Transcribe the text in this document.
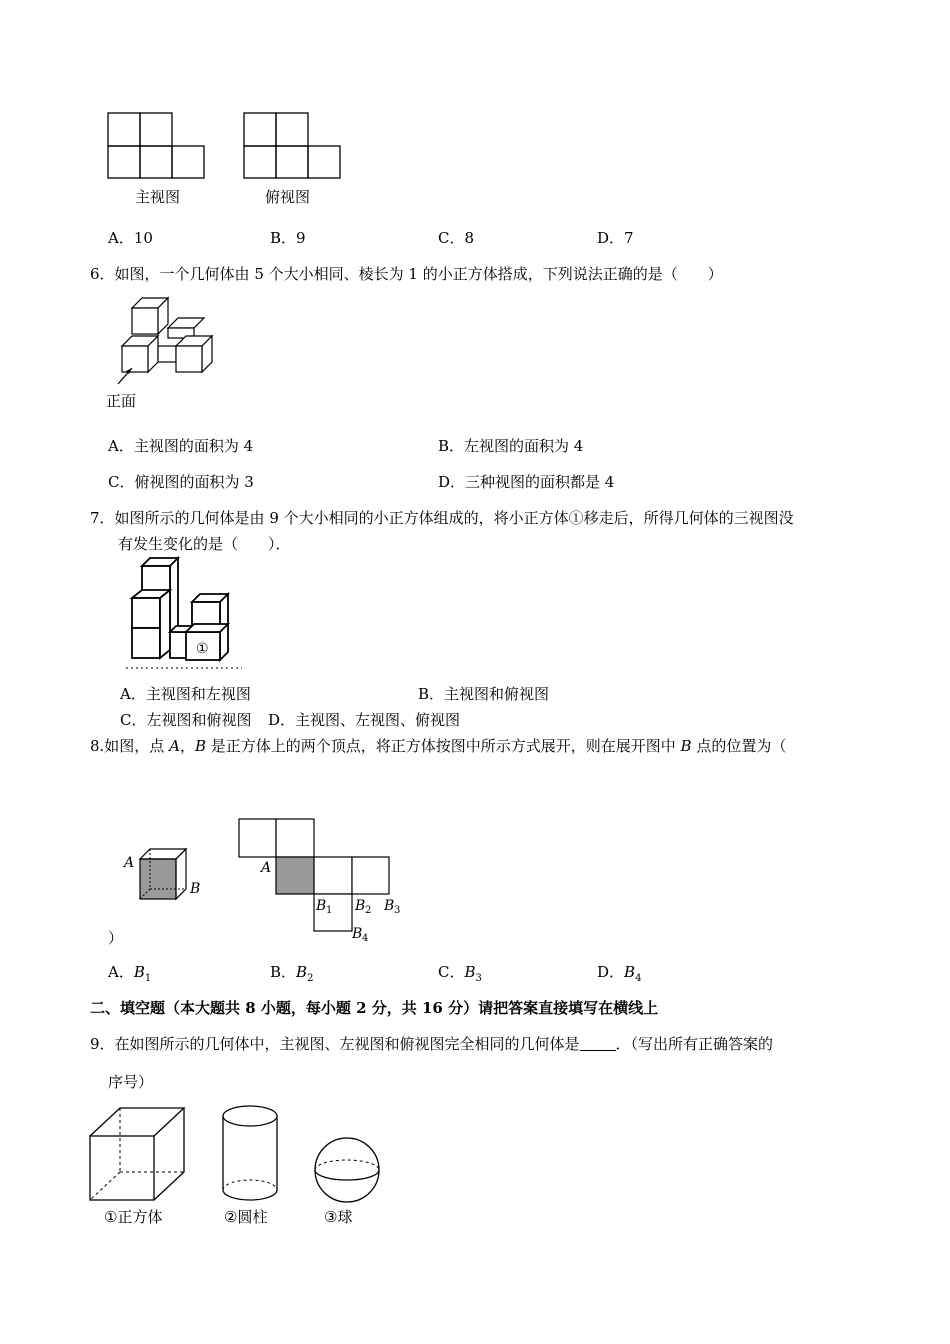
主视图	俯视图
A．10	B．9	C．8	D．7
6．如图，一个几何体由 5 个大小相同、棱长为 1 的小正方体搭成，下列说法正确的是（　　）
正面
A．主视图的面积为 4	B．左视图的面积为 4
C．俯视图的面积为 3	D．三种视图的面积都是 4
7．如图所示的几何体是由 9 个大小相同的小正方体组成的，将小正方体①移走后，所得几何体的三视图没
有发生变化的是（　　）．
①
A．主视图和左视图	B．主视图和俯视图
C．左视图和俯视图 D．主视图、左视图、俯视图
8.如图，点 A，B 是正方体上的两个顶点，将正方体按图中所示方式展开，则在展开图中 B 点的位置为（
A
B
A
B B B
B
1	2 3
4
）
A．$B_1$	B．$B_2$	C．$B_3$	D．$B_4$
二、填空题（本大题共 8 小题，每小题 2 分，共 16 分）请把答案直接填写在横线上
9．在如图所示的几何体中，主视图、左视图和俯视图完全相同的几何体是 ．（写出所有正确答案的
序号）
①正方体	②圆柱	③球
